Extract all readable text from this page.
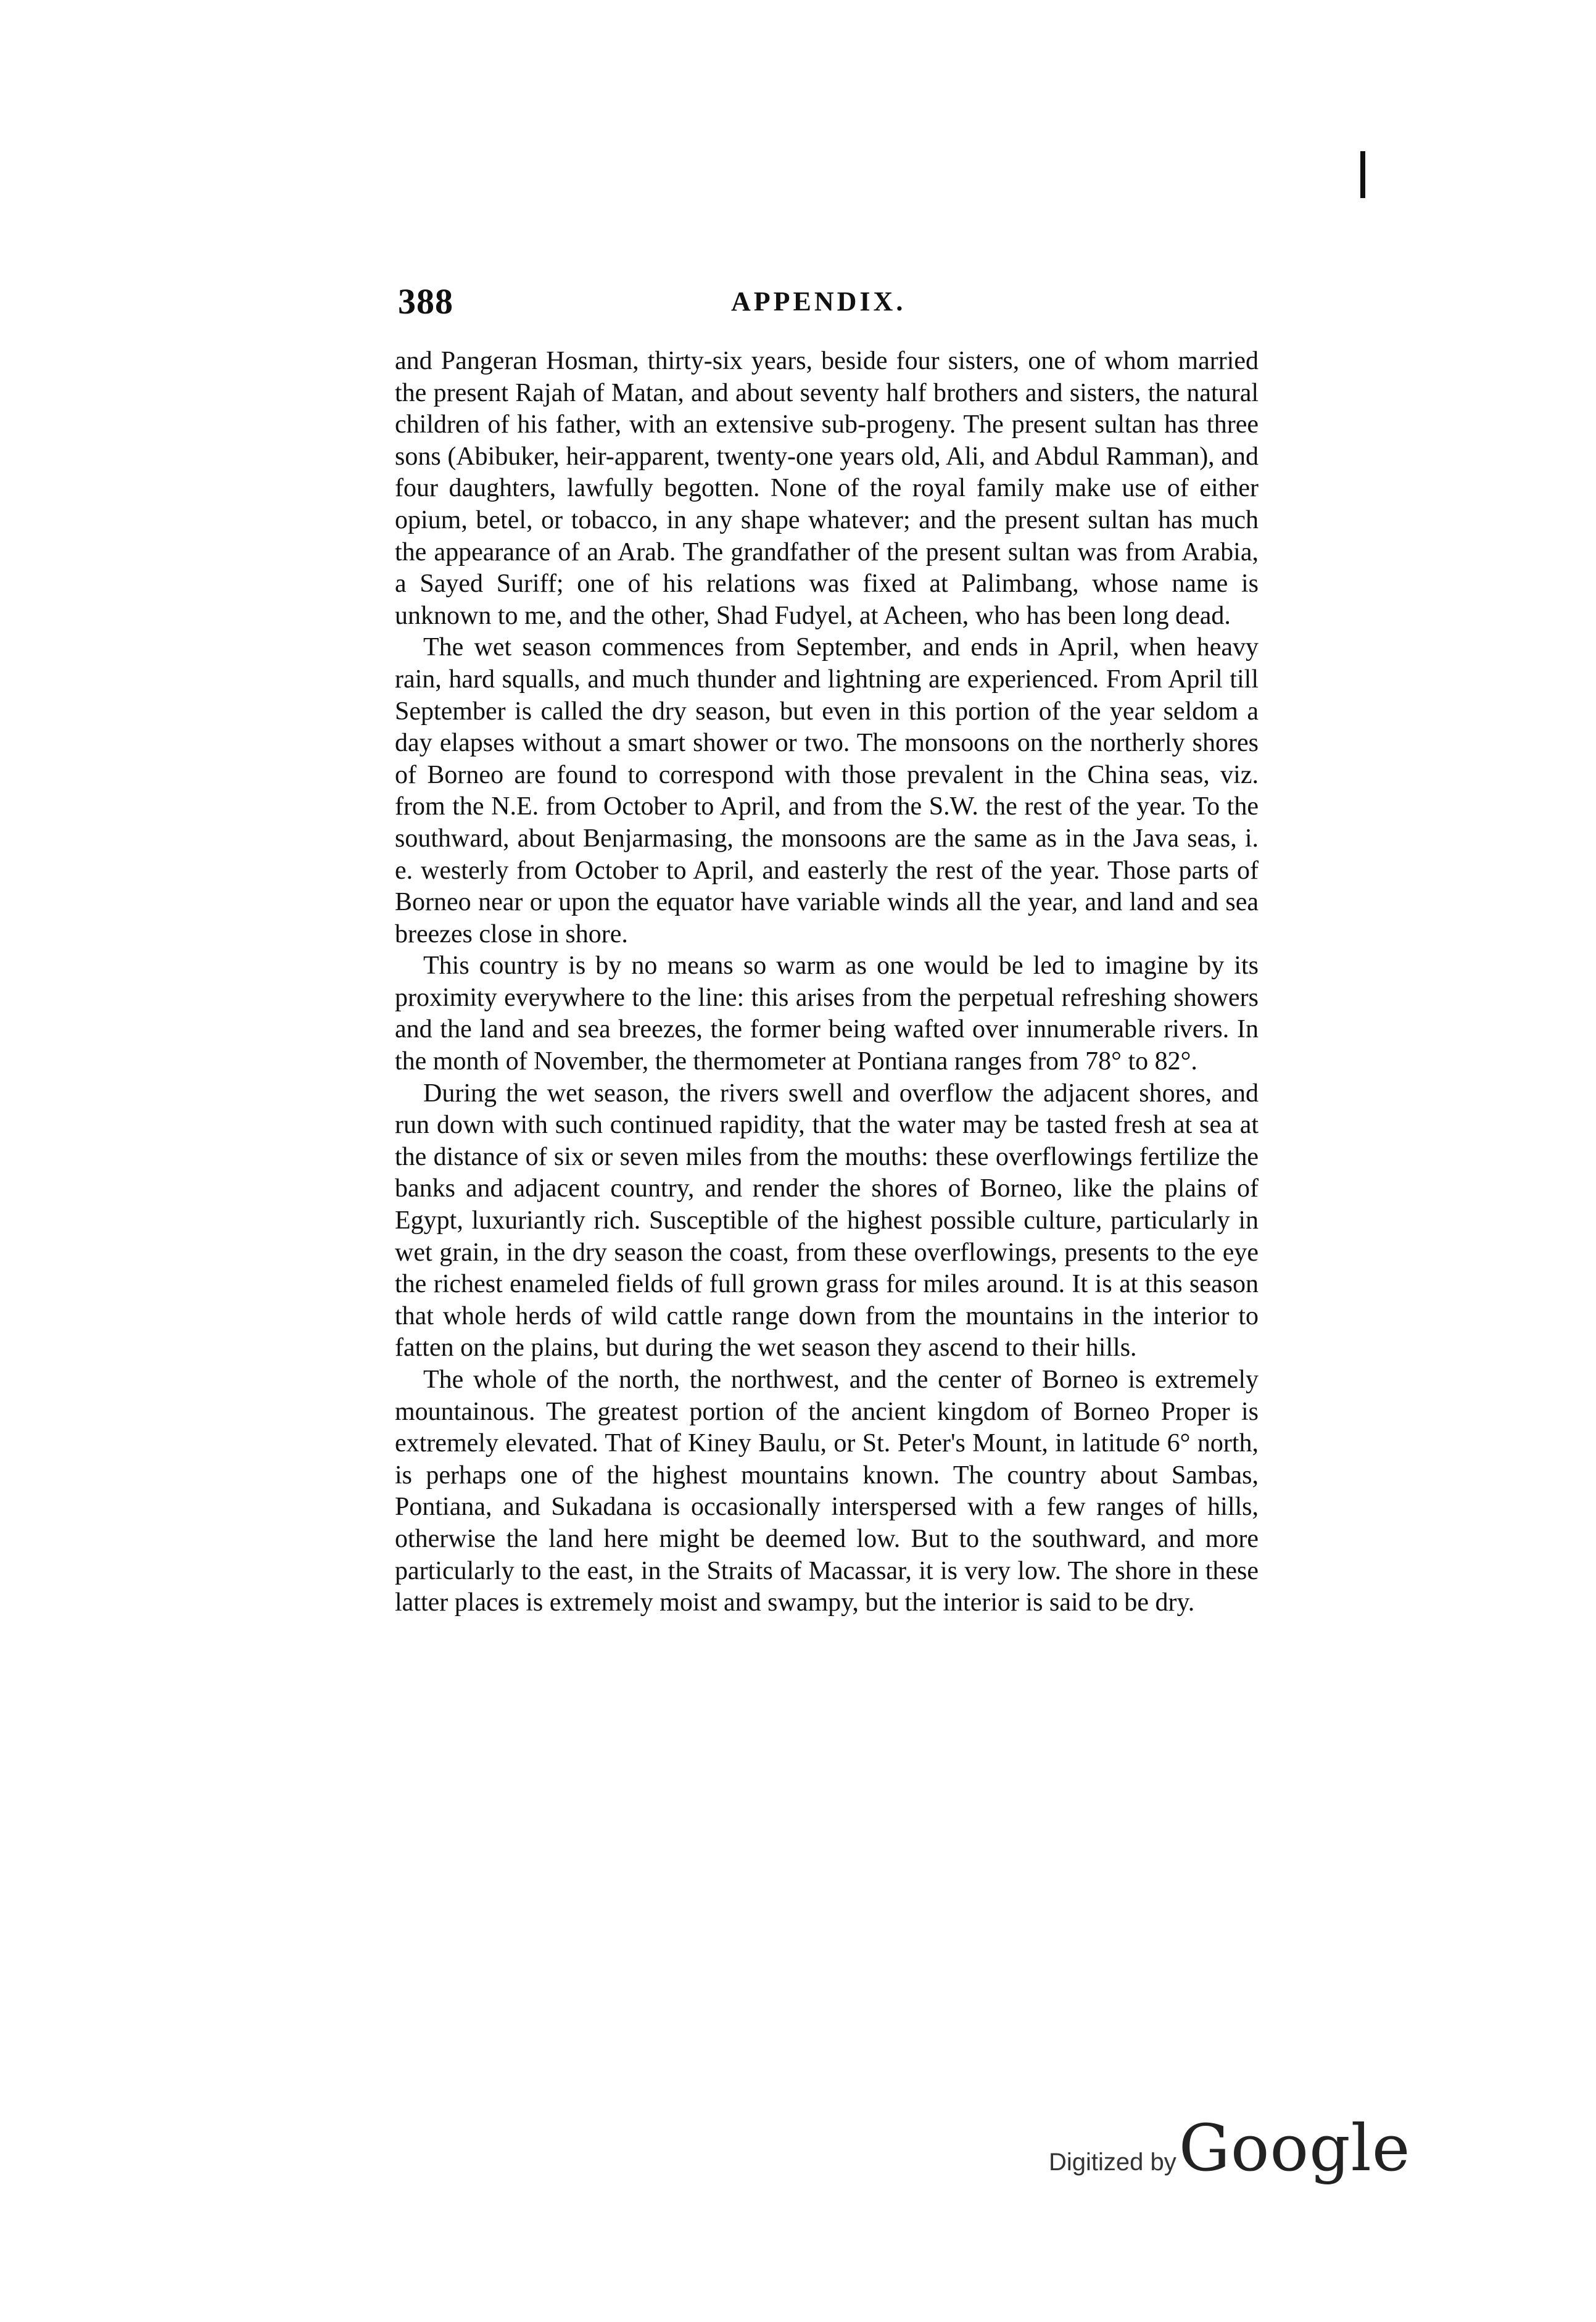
388	APPENDIX.

and Pangeran Hosman, thirty-six years, beside four sisters, one of whom married the present Rajah of Matan, and about seventy half brothers and sisters, the natural children of his father, with an extensive sub-progeny. The present sultan has three sons (Abibuker, heir-apparent, twenty-one years old, Ali, and Abdul Ramman), and four daughters, lawfully begotten. None of the royal family make use of either opium, betel, or tobacco, in any shape whatever; and the present sultan has much the appearance of an Arab. The grandfather of the present sultan was from Arabia, a Sayed Suriff; one of his relations was fixed at Palimbang, whose name is unknown to me, and the other, Shad Fudyel, at Acheen, who has been long dead.

The wet season commences from September, and ends in April, when heavy rain, hard squalls, and much thunder and lightning are experienced. From April till September is called the dry season, but even in this portion of the year seldom a day elapses without a smart shower or two. The monsoons on the northerly shores of Borneo are found to correspond with those prevalent in the China seas, viz. from the N.E. from October to April, and from the S.W. the rest of the year. To the southward, about Benjarmasing, the monsoons are the same as in the Java seas, i. e. westerly from October to April, and easterly the rest of the year. Those parts of Borneo near or upon the equator have variable winds all the year, and land and sea breezes close in shore.

This country is by no means so warm as one would be led to imagine by its proximity everywhere to the line: this arises from the perpetual refreshing showers and the land and sea breezes, the former being wafted over innumerable rivers. In the month of November, the thermometer at Pontiana ranges from 78° to 82°.

During the wet season, the rivers swell and overflow the adjacent shores, and run down with such continued rapidity, that the water may be tasted fresh at sea at the distance of six or seven miles from the mouths: these overflowings fertilize the banks and adjacent country, and render the shores of Borneo, like the plains of Egypt, luxuriantly rich. Susceptible of the highest possible culture, particularly in wet grain, in the dry season the coast, from these overflowings, presents to the eye the richest enameled fields of full grown grass for miles around. It is at this season that whole herds of wild cattle range down from the mountains in the interior to fatten on the plains, but during the wet season they ascend to their hills.

The whole of the north, the northwest, and the center of Borneo is extremely mountainous. The greatest portion of the ancient kingdom of Borneo Proper is extremely elevated. That of Kiney Baulu, or St. Peter's Mount, in latitude 6° north, is perhaps one of the highest mountains known. The country about Sambas, Pontiana, and Sukadana is occasionally interspersed with a few ranges of hills, otherwise the land here might be deemed low. But to the southward, and more particularly to the east, in the Straits of Macassar, it is very low. The shore in these latter places is extremely moist and swampy, but the interior is said to be dry.

Digitized by Google
